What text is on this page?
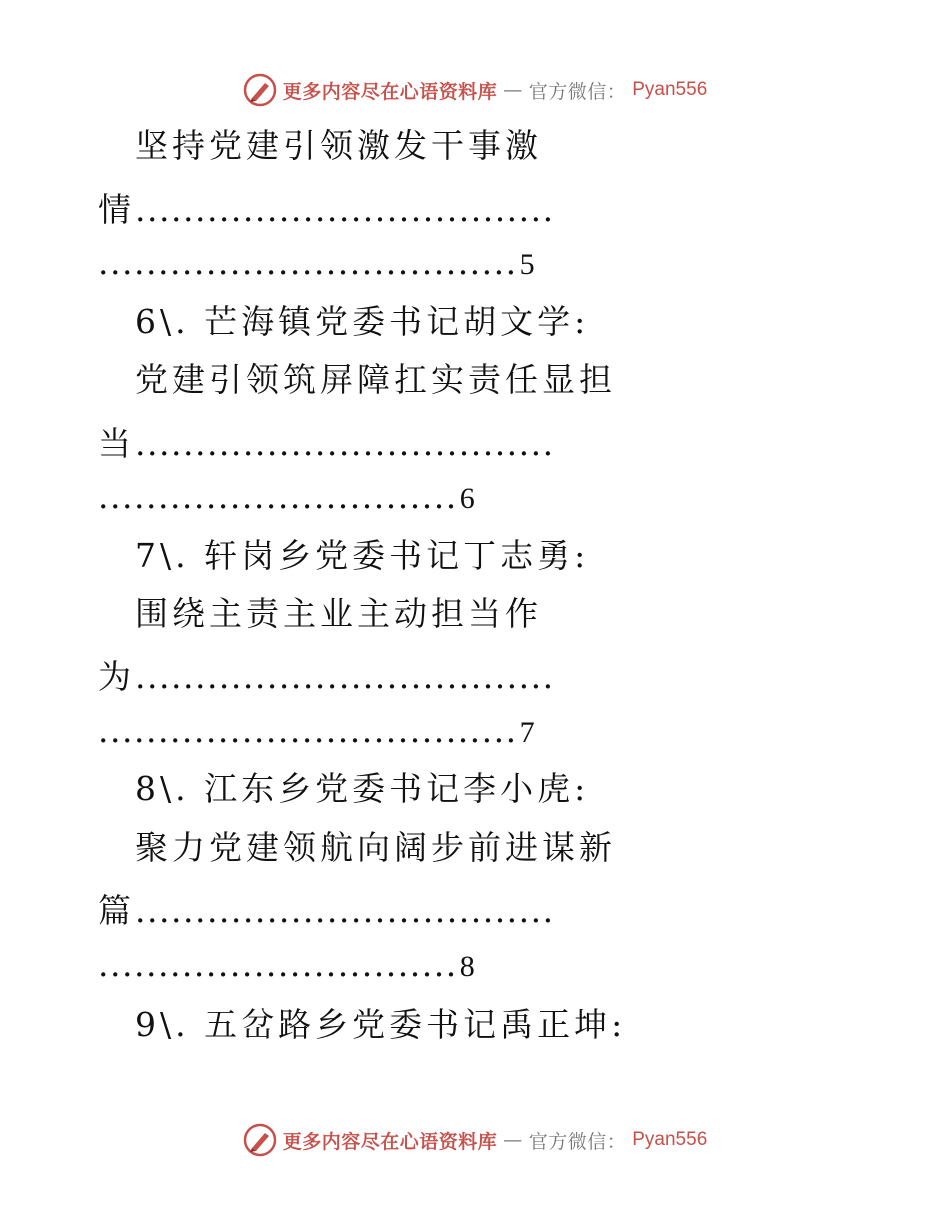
更多内容尽在心语资料库 — 官方微信： Pyan556
坚持党建引领激发干事激
情...................................
...................................5
6\. 芒海镇党委书记胡文学:
党建引领筑屏障扛实责任显担
当...................................
..............................6
7\. 轩岗乡党委书记丁志勇:
围绕主责主业主动担当作
为...................................
...................................7
8\. 江东乡党委书记李小虎:
聚力党建领航向阔步前进谋新
篇...................................
..............................8
9\. 五岔路乡党委书记禹正坤:
更多内容尽在心语资料库 — 官方微信： Pyan556
